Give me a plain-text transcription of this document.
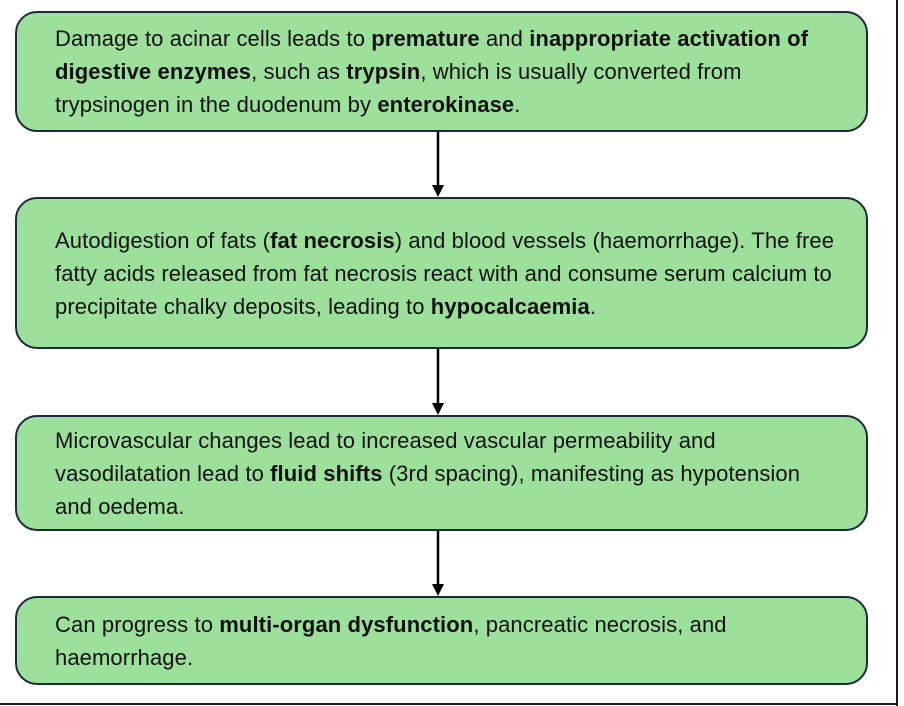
Damage to acinar cells leads to premature and inappropriate activation of digestive enzymes, such as trypsin, which is usually converted from trypsinogen in the duodenum by enterokinase.

Autodigestion of fats (fat necrosis) and blood vessels (haemorrhage). The free fatty acids released from fat necrosis react with and consume serum calcium to precipitate chalky deposits, leading to hypocalcaemia.

Microvascular changes lead to increased vascular permeability and vasodilatation lead to fluid shifts (3rd spacing), manifesting as hypotension and oedema.

Can progress to multi-organ dysfunction, pancreatic necrosis, and haemorrhage.
